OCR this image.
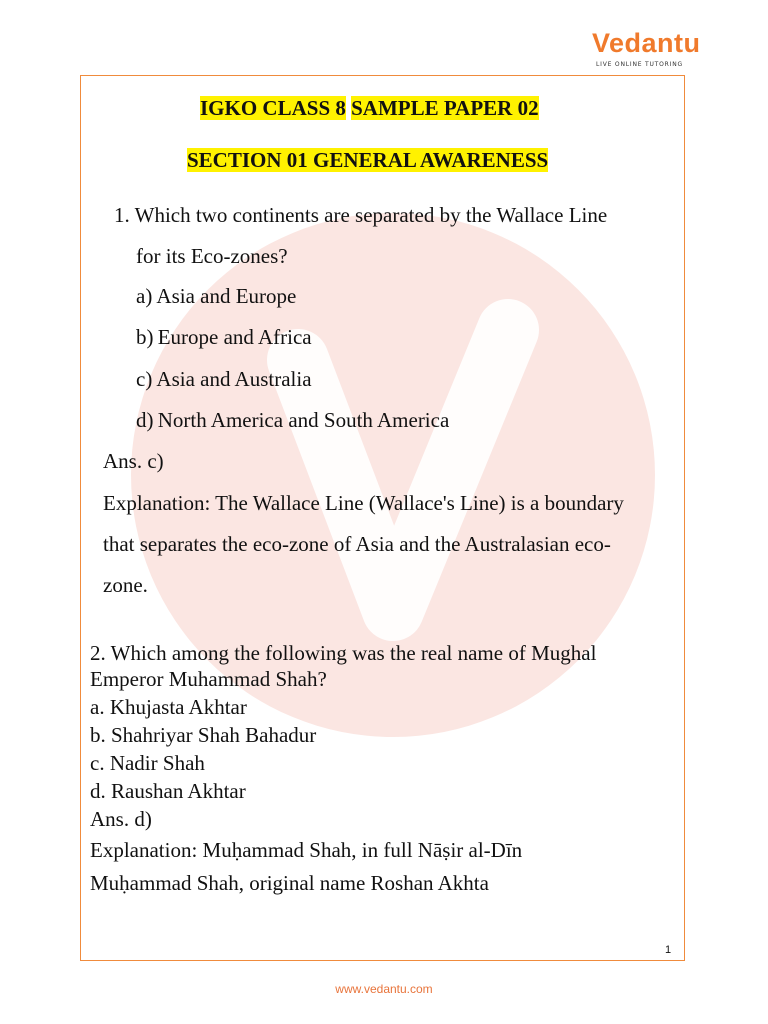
Vedantu
LIVE ONLINE TUTORING
IGKO CLASS 8 SAMPLE PAPER 02
SECTION 01 GENERAL AWARENESS
1. Which two continents are separated by the Wallace Line
for its Eco-zones?
a) Asia and Europe
b) Europe and Africa
c) Asia and Australia
d) North America and South America
Ans. c)
Explanation: The Wallace Line (Wallace's Line) is a boundary
that separates the eco-zone of Asia and the Australasian eco-
zone.
2. Which among the following was the real name of Mughal
Emperor Muhammad Shah?
a. Khujasta Akhtar
b. Shahriyar Shah Bahadur
c. Nadir Shah
d. Raushan Akhtar
Ans. d)
Explanation: Muḥammad Shah, in full Nāṣir al-Dīn
Muḥammad Shah, original name Roshan Akhta
1
www.vedantu.com
